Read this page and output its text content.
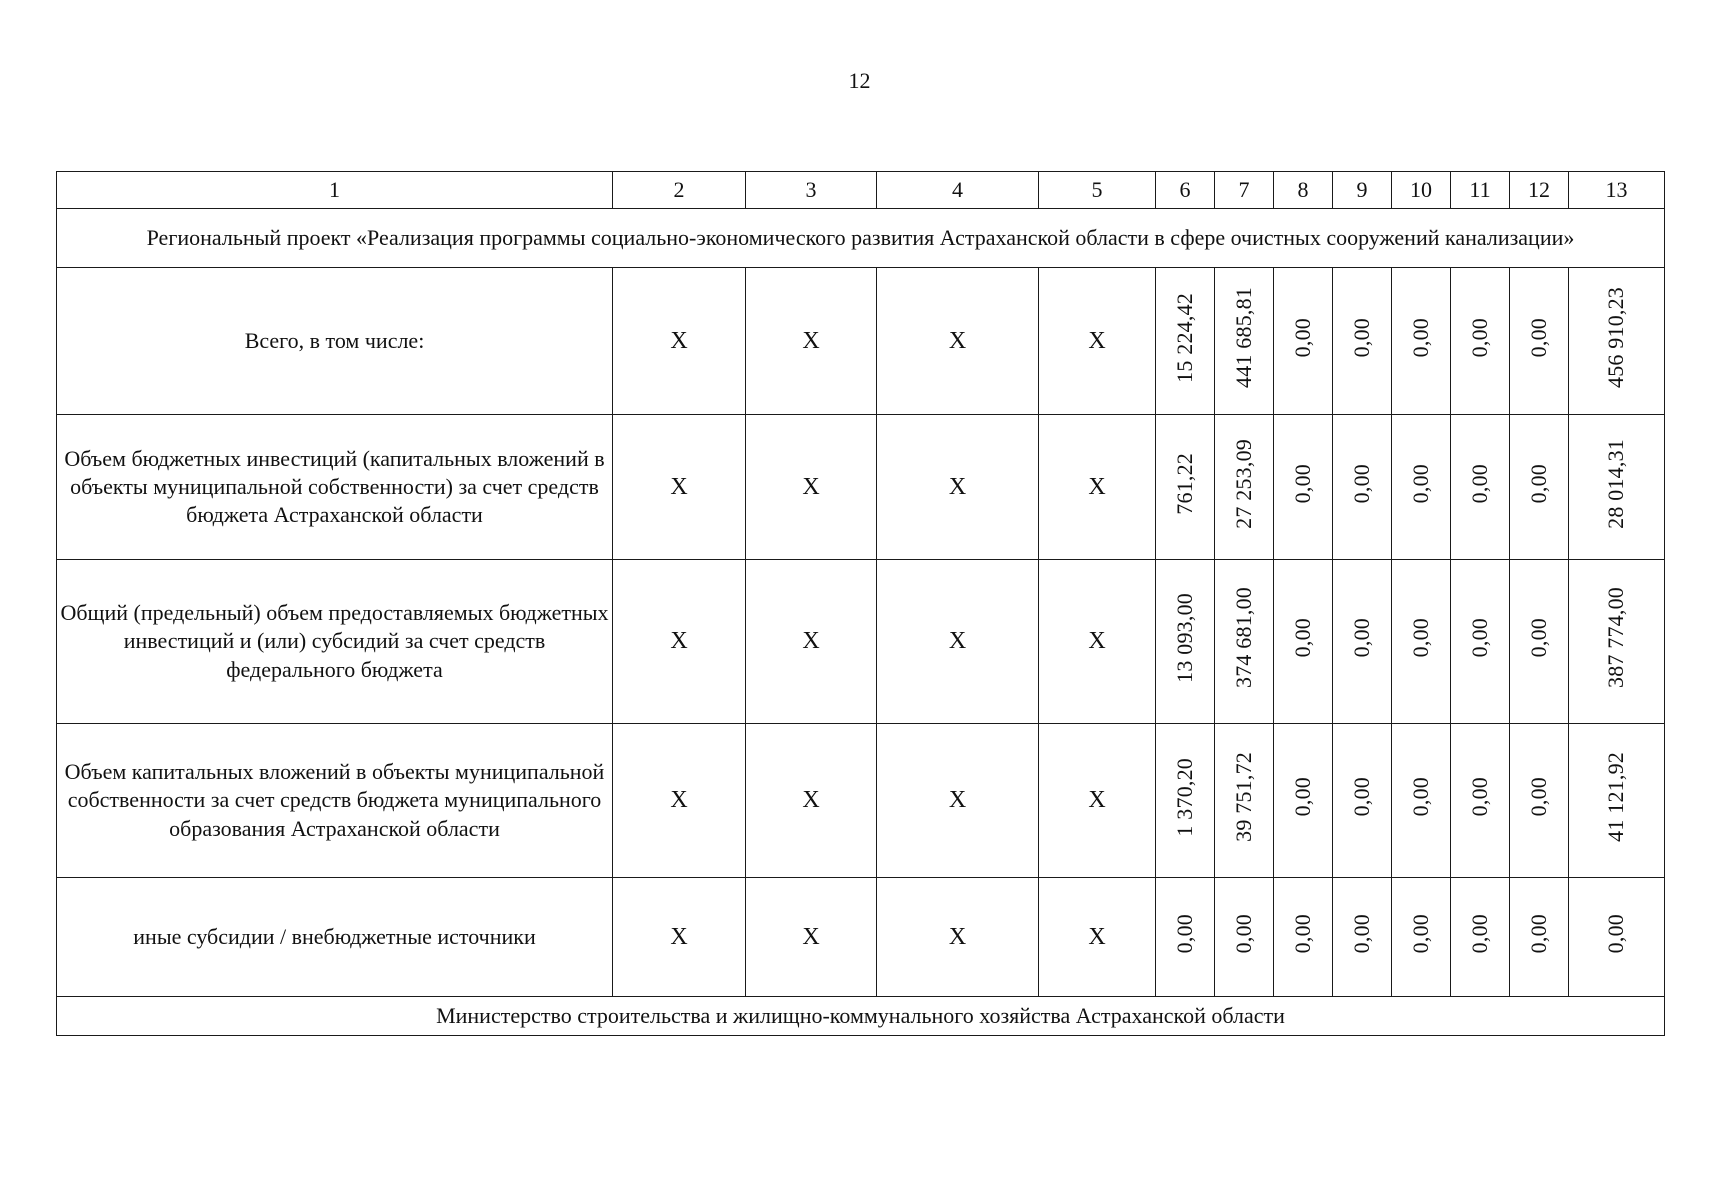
12
1	2	3	4	5	6	7	8	9	10	11	12	13
Региональный проект «Реализация программы социально-экономического развития Астраханской области в сфере очистных сооружений канализации»												
Всего, в том числе:	Х	Х	Х	Х	15 224,42	441 685,81	0,00	0,00	0,00	0,00	0,00	456 910,23
Объем бюджетных инвестиций (капитальных вложений в объекты муниципальной собственности) за счет средств бюджета Астраханской области	Х	Х	Х	Х	761,22	27 253,09	0,00	0,00	0,00	0,00	0,00	28 014,31
Общий (предельный) объем предоставляемых бюджетных инвестиций и (или) субсидий за счет средств федерального бюджета	Х	Х	Х	Х	13 093,00	374 681,00	0,00	0,00	0,00	0,00	0,00	387 774,00
Объем капитальных вложений в объекты муниципальной собственности за счет средств бюджета муниципального образования Астраханской области	Х	Х	Х	Х	1 370,20	39 751,72	0,00	0,00	0,00	0,00	0,00	41 121,92
иные субсидии / внебюджетные источники	Х	Х	Х	Х	0,00	0,00	0,00	0,00	0,00	0,00	0,00	0,00
Министерство строительства и жилищно-коммунального хозяйства Астраханской области												
